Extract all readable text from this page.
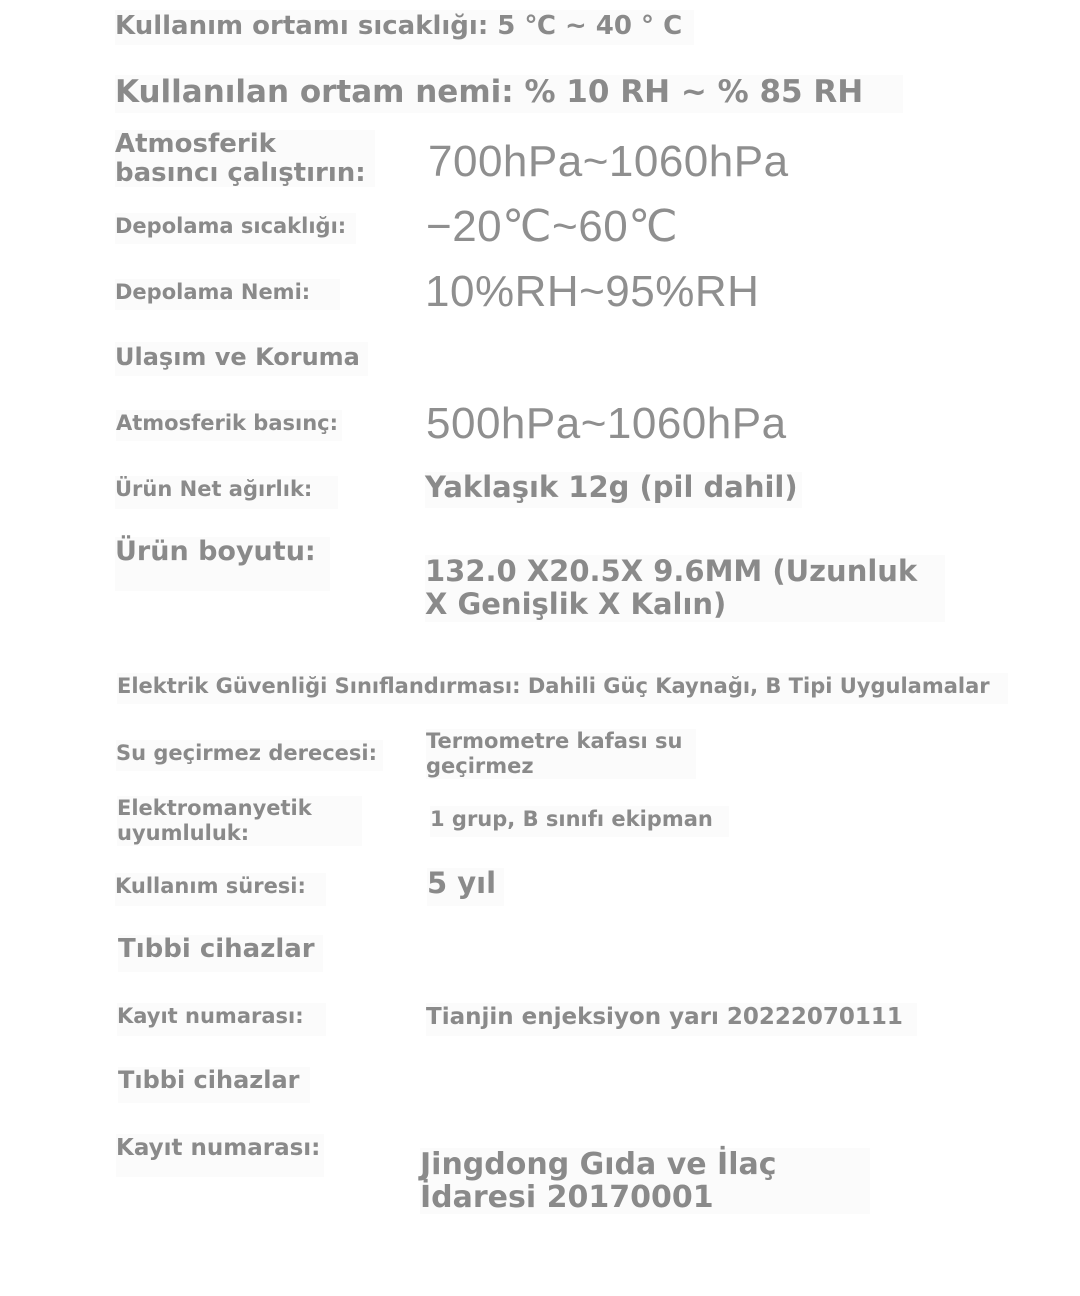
Kullanım ortamı sıcaklığı: 5 ℃ ~ 40 ° C
Kullanılan ortam nemi: % 10 RH ~ % 85 RH
Atmosferik basıncı çalıştırın: 700hPa~1060hPa
Depolama sıcaklığı: −20℃~60℃
Depolama Nemi:	10%RH~95%RH
Ulaşım ve Koruma
Atmosferik basınç: 500hPa~1060hPa
Ürün Net ağırlık:	Yaklaşık 12g (pil dahil)
Ürün boyutu:
132.0 X20.5X 9.6MM (Uzunluk X Genişlik X Kalın)
Elektrik Güvenliği Sınıflandırması: Dahili Güç Kaynağı, B Tipi Uygulamalar
Su geçirmez derecesi: Termometre kafası su geçirmez
Elektromanyetik uyumluluk:
1 grup, B sınıfı ekipman
Kullanım süresi:	5 yıl
Tıbbi cihazlar
Kayıt numarası:	Tianjin enjeksiyon yarı 20222070111
Tıbbi cihazlar
Kayıt numarası:	Jingdong Gıda ve İlaç İdaresi 20170001
